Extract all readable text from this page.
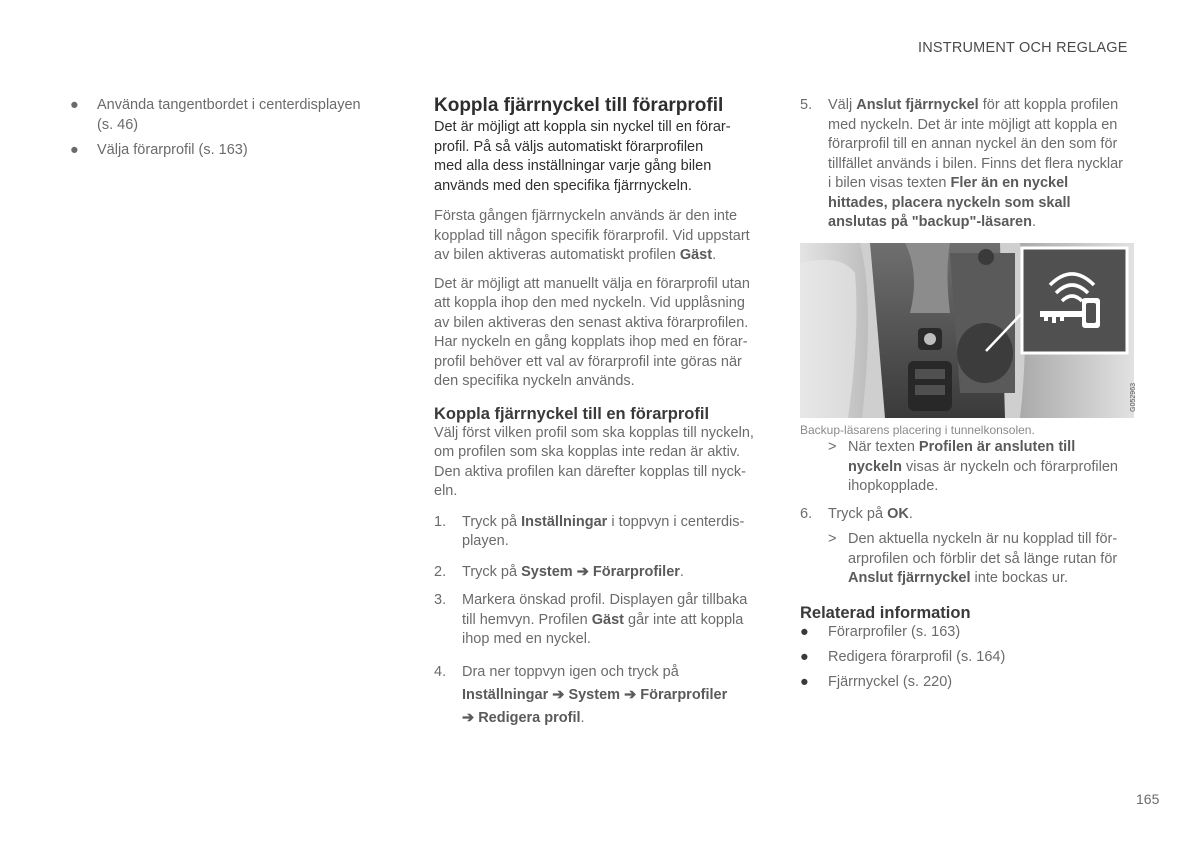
INSTRUMENT OCH REGLAGE
● Använda tangentbordet i centerdisplayen
(s. 46)
● Välja förarprofil (s. 163)
Koppla fjärrnyckel till förarprofil
Det är möjligt att koppla sin nyckel till en förar-
profil. På så väljs automatiskt förarprofilen
med alla dess inställningar varje gång bilen
används med den specifika fjärrnyckeln.
Första gången fjärrnyckeln används är den inte
kopplad till någon specifik förarprofil. Vid uppstart
av bilen aktiveras automatiskt profilen Gäst.
Det är möjligt att manuellt välja en förarprofil utan
att koppla ihop den med nyckeln. Vid upplåsning
av bilen aktiveras den senast aktiva förarprofilen.
Har nyckeln en gång kopplats ihop med en förar-
profil behöver ett val av förarprofil inte göras när
den specifika nyckeln används.
Koppla fjärrnyckel till en förarprofil
Välj först vilken profil som ska kopplas till nyckeln,
om profilen som ska kopplas inte redan är aktiv.
Den aktiva profilen kan därefter kopplas till nyck-
eln.
1. Tryck på Inställningar i toppvyn i centerdis-
playen.
2. Tryck på System ➔ Förarprofiler.
3. Markera önskad profil. Displayen går tillbaka
till hemvyn. Profilen Gäst går inte att koppla
ihop med en nyckel.
4. Dra ner toppvyn igen och tryck på
Inställningar ➔ System ➔ Förarprofiler
➔ Redigera profil.
5. Välj Anslut fjärrnyckel för att koppla profilen
med nyckeln. Det är inte möjligt att koppla en
förarprofil till en annan nyckel än den som för
tillfället används i bilen. Finns det flera nycklar
i bilen visas texten Fler än en nyckel
hittades, placera nyckeln som skall
anslutas på "backup"-läsaren.
G052963
Backup-läsarens placering i tunnelkonsolen.
> När texten Profilen är ansluten till
nyckeln visas är nyckeln och förarprofilen
ihopkopplade.
6. Tryck på OK.
> Den aktuella nyckeln är nu kopplad till för-
arprofilen och förblir det så länge rutan för
Anslut fjärrnyckel inte bockas ur.
Relaterad information
● Förarprofiler (s. 163)
● Redigera förarprofil (s. 164)
● Fjärrnyckel (s. 220)
165
